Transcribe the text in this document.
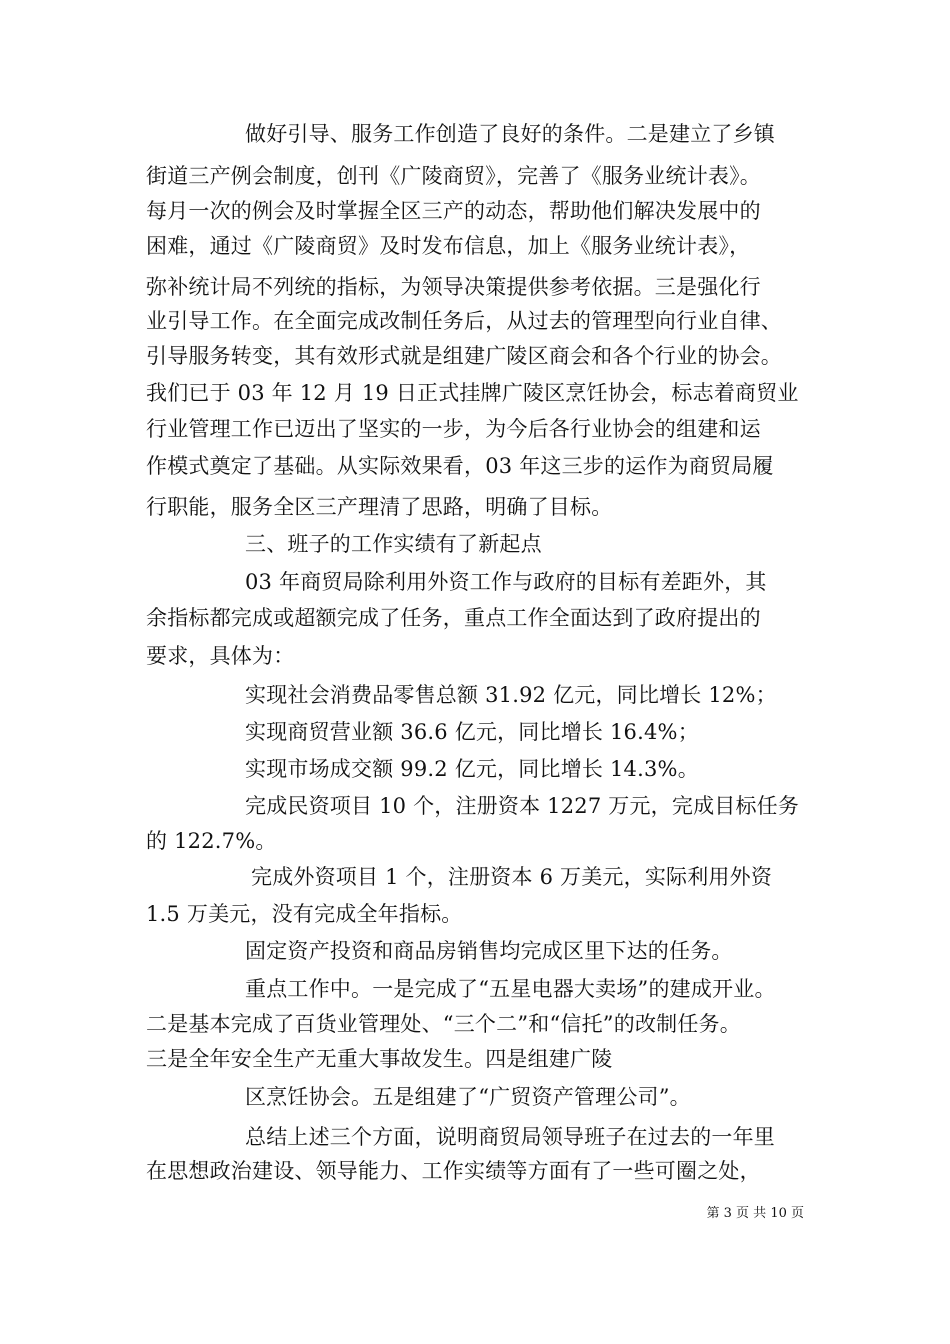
做好引导、服务工作创造了良好的条件。二是建立了乡镇
街道三产例会制度，创刊《广陵商贸》，完善了《服务业统计表》。
每月一次的例会及时掌握全区三产的动态，帮助他们解决发展中的
困难，通过《广陵商贸》及时发布信息，加上《服务业统计表》，
弥补统计局不列统的指标，为领导决策提供参考依据。三是强化行
业引导工作。在全面完成改制任务后，从过去的管理型向行业自律、
引导服务转变，其有效形式就是组建广陵区商会和各个行业的协会。
我们已于 03 年 12 月 19 日正式挂牌广陵区烹饪协会，标志着商贸业
行业管理工作已迈出了坚实的一步，为今后各行业协会的组建和运
作模式奠定了基础。从实际效果看，03 年这三步的运作为商贸局履
行职能，服务全区三产理清了思路，明确了目标。
三、班子的工作实绩有了新起点
03 年商贸局除利用外资工作与政府的目标有差距外，其
余指标都完成或超额完成了任务，重点工作全面达到了政府提出的
要求，具体为：
实现社会消费品零售总额 31.92 亿元，同比增长 12%；
实现商贸营业额 36.6 亿元，同比增长 16.4%；
实现市场成交额 99.2 亿元，同比增长 14.3%。
完成民资项目 10 个，注册资本 1227 万元，完成目标任务
的 122.7%。
完成外资项目 1 个，注册资本 6 万美元，实际利用外资
1.5 万美元，没有完成全年指标。
固定资产投资和商品房销售均完成区里下达的任务。
重点工作中。一是完成了“五星电器大卖场”的建成开业。
二是基本完成了百货业管理处、“三个二”和“信托”的改制任务。
三是全年安全生产无重大事故发生。四是组建广陵
区烹饪协会。五是组建了“广贸资产管理公司”。
总结上述三个方面，说明商贸局领导班子在过去的一年里
在思想政治建设、领导能力、工作实绩等方面有了一些可圈之处，
第 3 页 共 10 页
